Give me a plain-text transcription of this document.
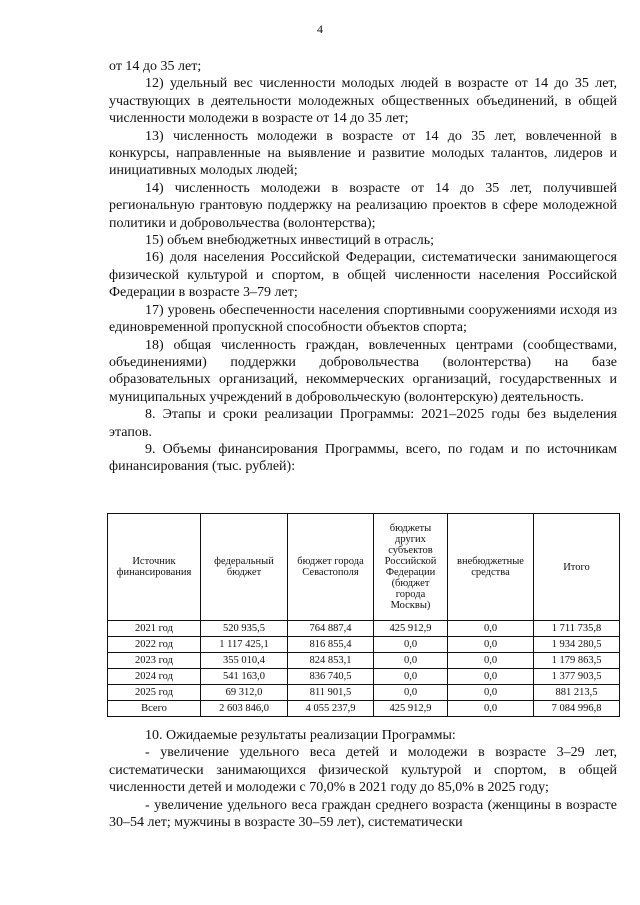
4

от 14 до 35 лет;

12) удельный вес численности молодых людей в возрасте от 14 до 35 лет, участвующих в деятельности молодежных общественных объединений, в общей численности молодежи в возрасте от 14 до 35 лет;

13) численность молодежи в возрасте от 14 до 35 лет, вовлеченной в конкурсы, направленные на выявление и развитие молодых талантов, лидеров и инициативных молодых людей;

14) численность молодежи в возрасте от 14 до 35 лет, получившей региональную грантовую поддержку на реализацию проектов в сфере молодежной политики и добровольчества (волонтерства);

15) объем внебюджетных инвестиций в отрасль;

16) доля населения Российской Федерации, систематически занимающегося физической культурой и спортом, в общей численности населения Российской Федерации в возрасте 3–79 лет;

17) уровень обеспеченности населения спортивными сооружениями исходя из единовременной пропускной способности объектов спорта;

18) общая численность граждан, вовлеченных центрами (сообществами, объединениями) поддержки добровольчества (волонтерства) на базе образовательных организаций, некоммерческих организаций, государственных и муниципальных учреждений в добровольческую (волонтерскую) деятельность.

8. Этапы и сроки реализации Программы: 2021–2025 годы без выделения этапов.

9. Объемы финансирования Программы, всего, по годам и по источникам финансирования (тыс. рублей):

Источник финансирования	федеральный бюджет	бюджет города Севастополя	бюджеты других субъектов Российской Федерации (бюджет города Москвы)	внебюджетные средства	Итого
2021 год	520 935,5	764 887,4	425 912,9	0,0	1 711 735,8
2022 год	1 117 425,1	816 855,4	0,0	0,0	1 934 280,5
2023 год	355 010,4	824 853,1	0,0	0,0	1 179 863,5
2024 год	541 163,0	836 740,5	0,0	0,0	1 377 903,5
2025 год	69 312,0	811 901,5	0,0	0,0	881 213,5
Всего	2 603 846,0	4 055 237,9	425 912,9	0,0	7 084 996,8

10. Ожидаемые результаты реализации Программы:

- увеличение удельного веса детей и молодежи в возрасте 3–29 лет, систематически занимающихся физической культурой и спортом, в общей численности детей и молодежи с 70,0% в 2021 году до 85,0% в 2025 году;

- увеличение удельного веса граждан среднего возраста (женщины в возрасте 30–54 лет; мужчины в возрасте 30–59 лет), систематически
